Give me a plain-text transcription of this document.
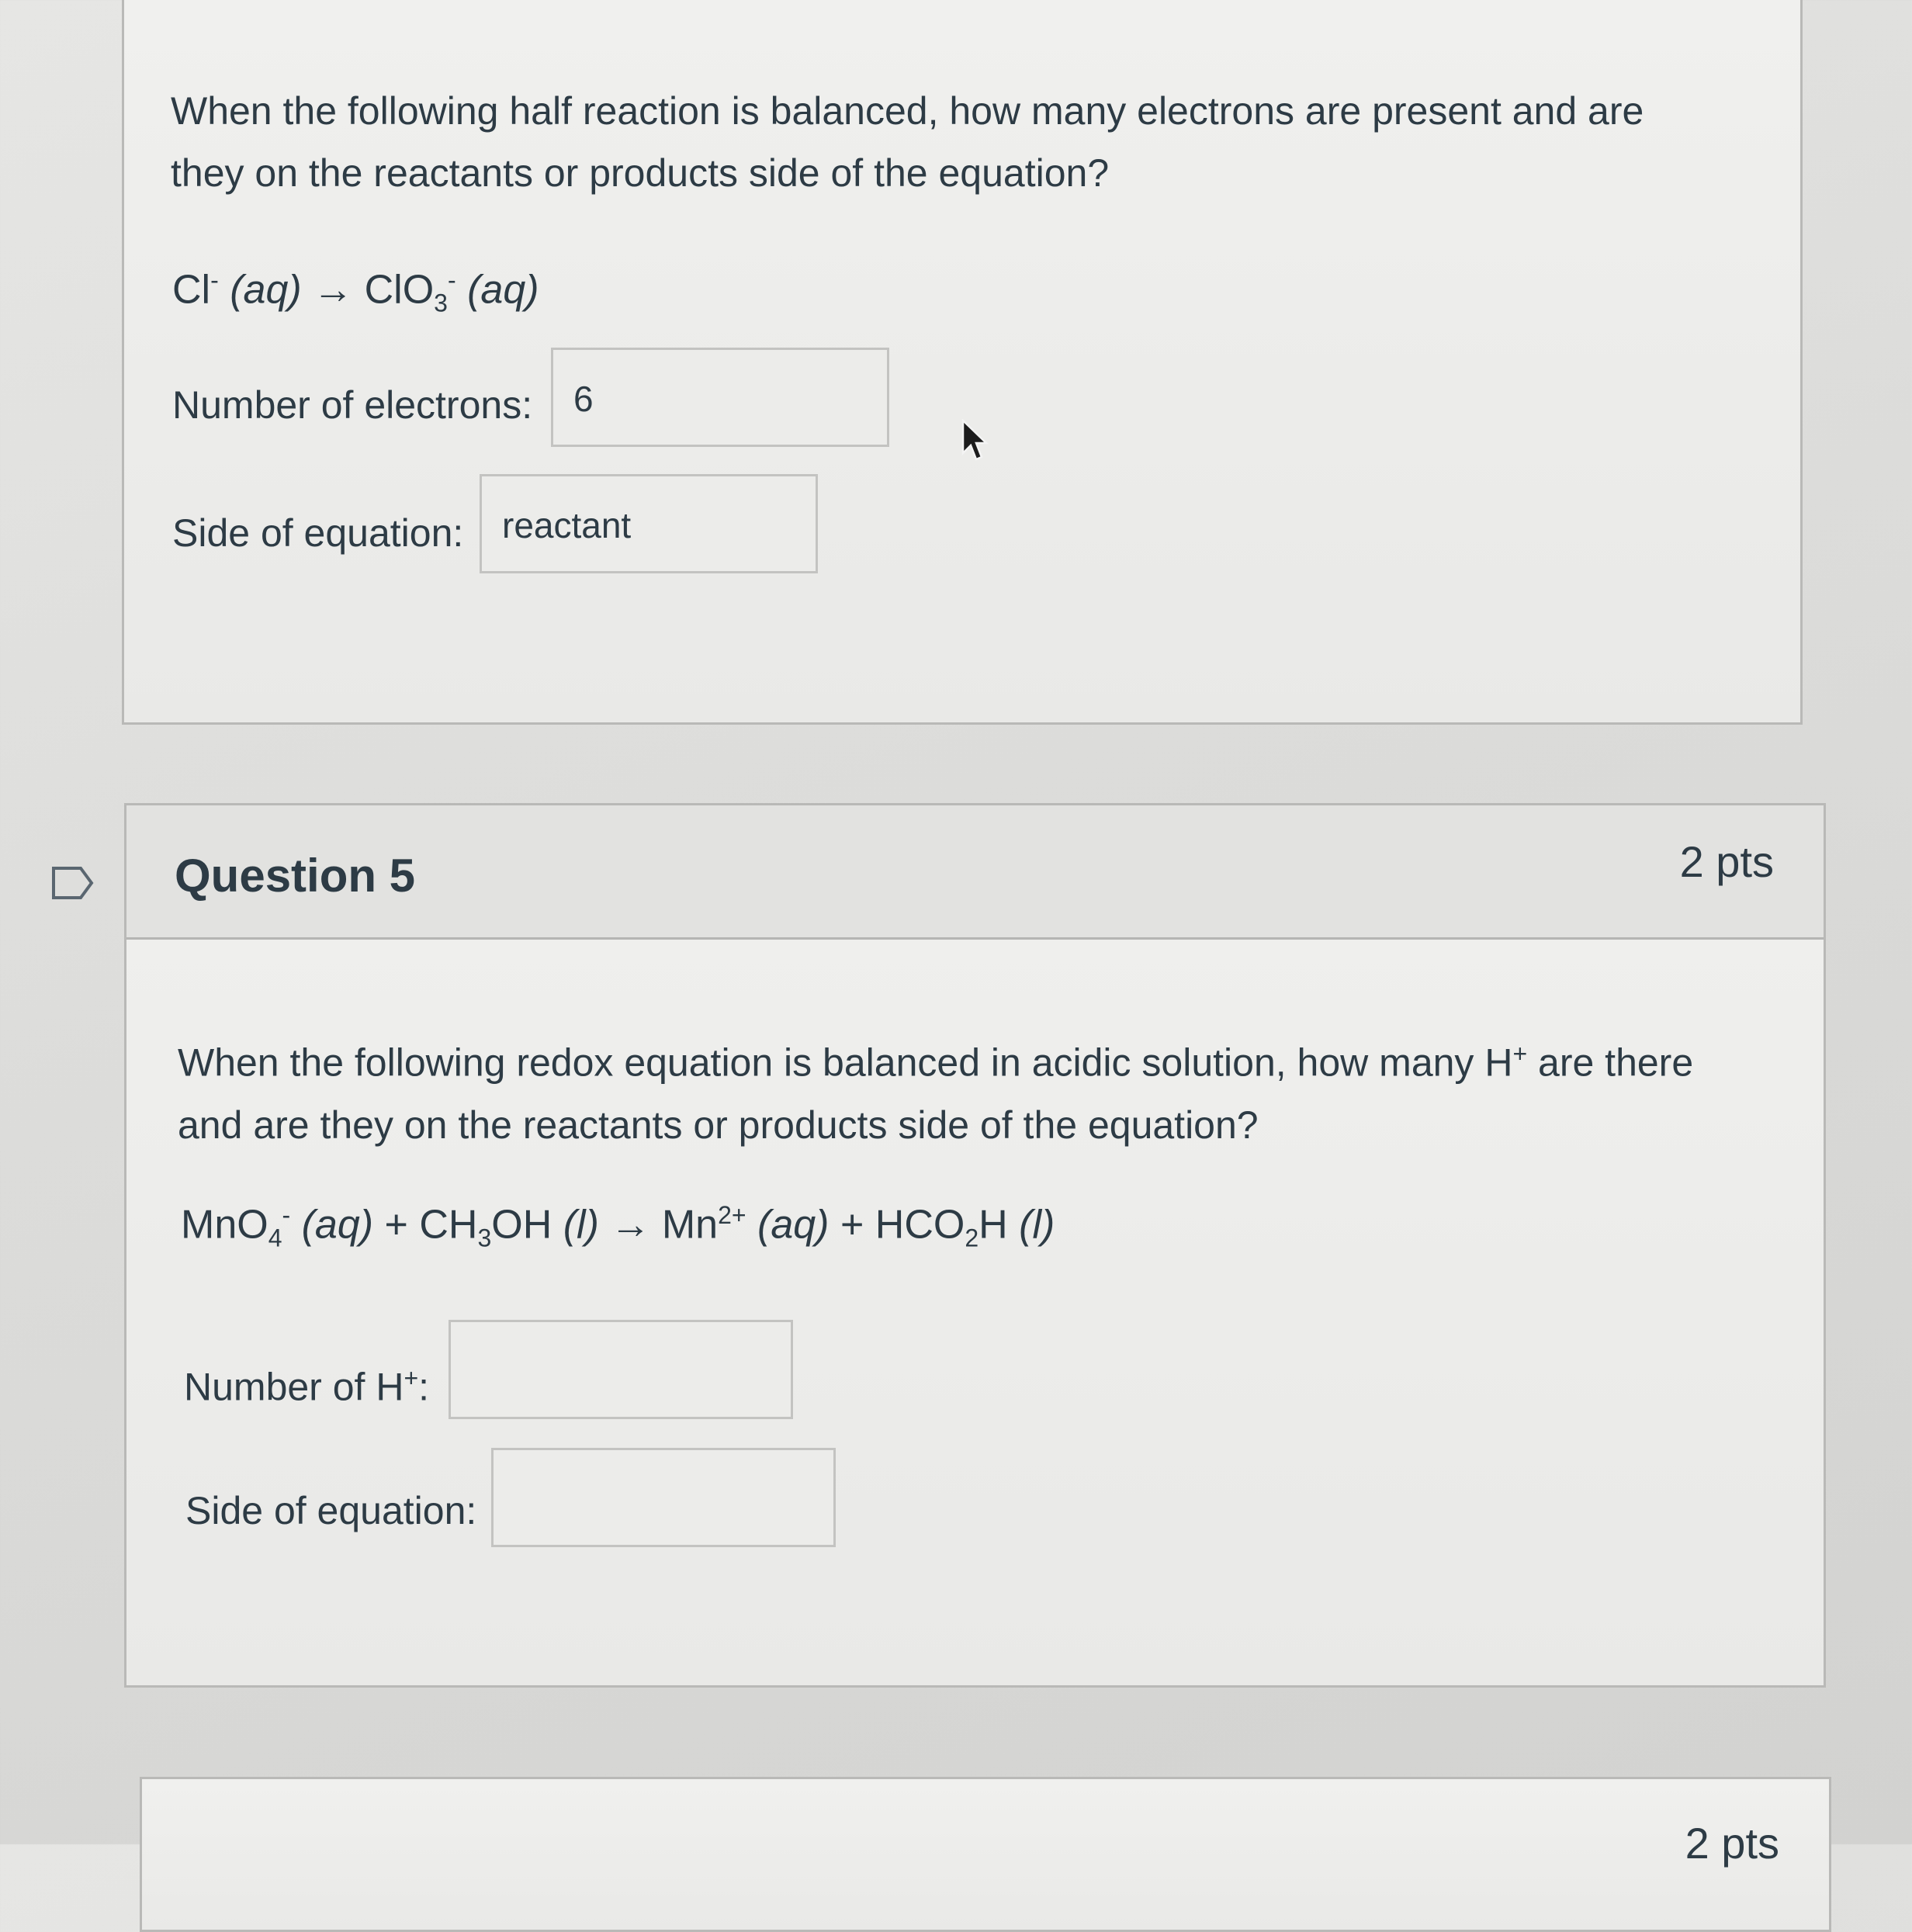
When the following half reaction is balanced, how many electrons are present and are they on the reactants or products side of the equation?
Cl- (aq) → ClO$_3$- (aq)
Number of electrons:	6
Side of equation:	reactant
Question 5	2 pts
When the following redox equation is balanced in acidic solution, how many H+ are there and are they on the reactants or products side of the equation?
MnO$_4$- $(aq) + CH_3OH$ $(l) \to Mn^{2+}$ $(aq) + HCO_2H$ (l)
Number of H+:
Side of equation:
2 pts
